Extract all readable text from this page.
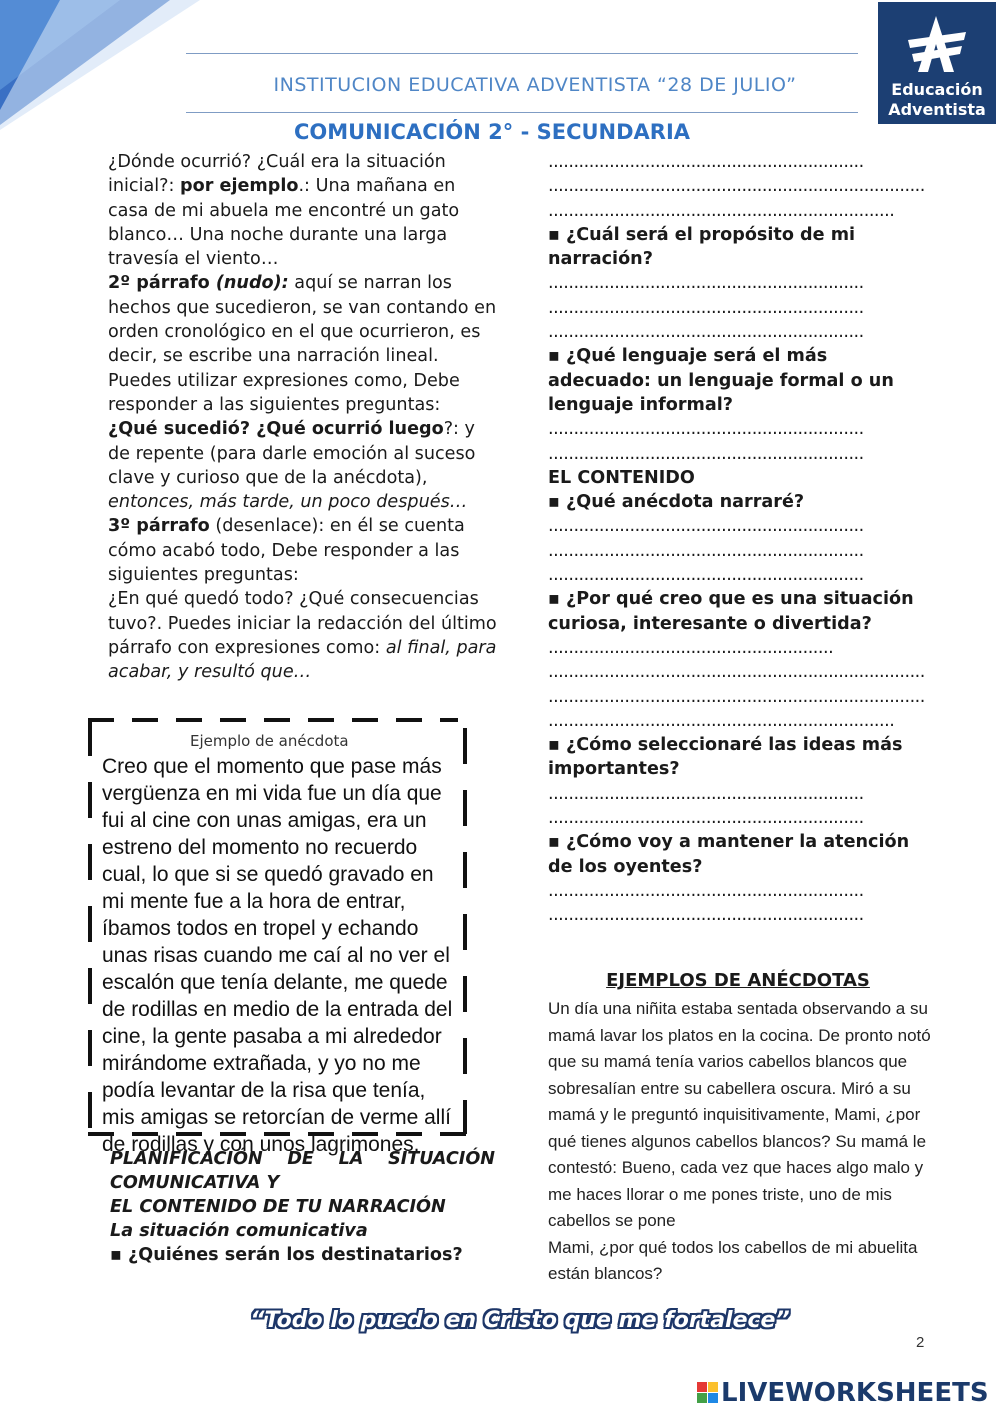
INSTITUCION EDUCATIVA ADVENTISTA “28 DE JULIO”	Educación
Adventista
COMUNICACIÓN 2° - SECUNDARIA

¿Dónde ocurrió? ¿Cuál era la situación inicial?: por ejemplo.: Una mañana en casa de mi abuela me encontré un gato blanco… Una noche durante una larga travesía el viento…

2º párrafo (nudo): aquí se narran los hechos que sucedieron, se van contando en orden cronológico en el que ocurrieron, es decir, se escribe una narración lineal. Puedes utilizar expresiones como, Debe responder a las siguientes preguntas:

¿Qué sucedió? ¿Qué ocurrió luego?: y de repente (para darle emoción al suceso clave y curioso que de la anécdota), entonces, más tarde, un poco después…

3º párrafo (desenlace): en él se cuenta cómo acabó todo, Debe responder a las siguientes preguntas:

¿En qué quedó todo? ¿Qué consecuencias tuvo?. Puedes iniciar la redacción del último párrafo con expresiones como: al final, para acabar, y resultó que…

Ejemplo de anécdota
Creo que el momento que pase más vergüenza en mi vida fue un día que fui al cine con unas amigas, era un estreno del momento no recuerdo cual, lo que si se quedó gravado en mi mente fue a la hora de entrar, íbamos todos en tropel y echando unas risas cuando me caí al no ver el escalón que tenía delante, me quede de rodillas en medio de la entrada del cine, la gente pasaba a mi alrededor mirándome extrañada, y yo no me podía levantar de la risa que tenía, mis amigas se retorcían de verme allí de rodillas y con unos lagrimones.
PLANIFICACIÓN DE LA SITUACIÓN
COMUNICATIVA Y
EL CONTENIDO DE TU NARRACIÓN
La situación comunicativa
▪ ¿Quiénes serán los destinatarios?
..............................................................
..........................................................................
....................................................................
▪ ¿Cuál será el propósito de mi narración?
..............................................................
..............................................................
..............................................................
▪ ¿Qué lenguaje será el más adecuado: un lenguaje formal o un lenguaje informal?
..............................................................
..............................................................
EL CONTENIDO
▪ ¿Qué anécdota narraré?
..............................................................
..............................................................
..............................................................
▪ ¿Por qué creo que es una situación curiosa, interesante o divertida?
........................................................
..........................................................................
..........................................................................
....................................................................
▪ ¿Cómo seleccionaré las ideas más importantes?
..............................................................
..............................................................
▪ ¿Cómo voy a mantener la atención de los oyentes?
..............................................................
..............................................................
EJEMPLOS DE ANÉCDOTAS
Un día una niñita estaba sentada observando a su mamá lavar los platos en la cocina. De pronto notó que su mamá tenía varios cabellos blancos que sobresalían entre su cabellera oscura. Miró a su mamá y le preguntó inquisitivamente, Mami, ¿por qué tienes algunos cabellos blancos? Su mamá le contestó: Bueno, cada vez que haces algo malo y me haces llorar o me pones triste, uno de mis cabellos se pone
Mami, ¿por qué todos los cabellos de mi abuelita están blancos?
“Todo lo puedo en Cristo que me fortalece”
2
LIVEWORKSHEETS
